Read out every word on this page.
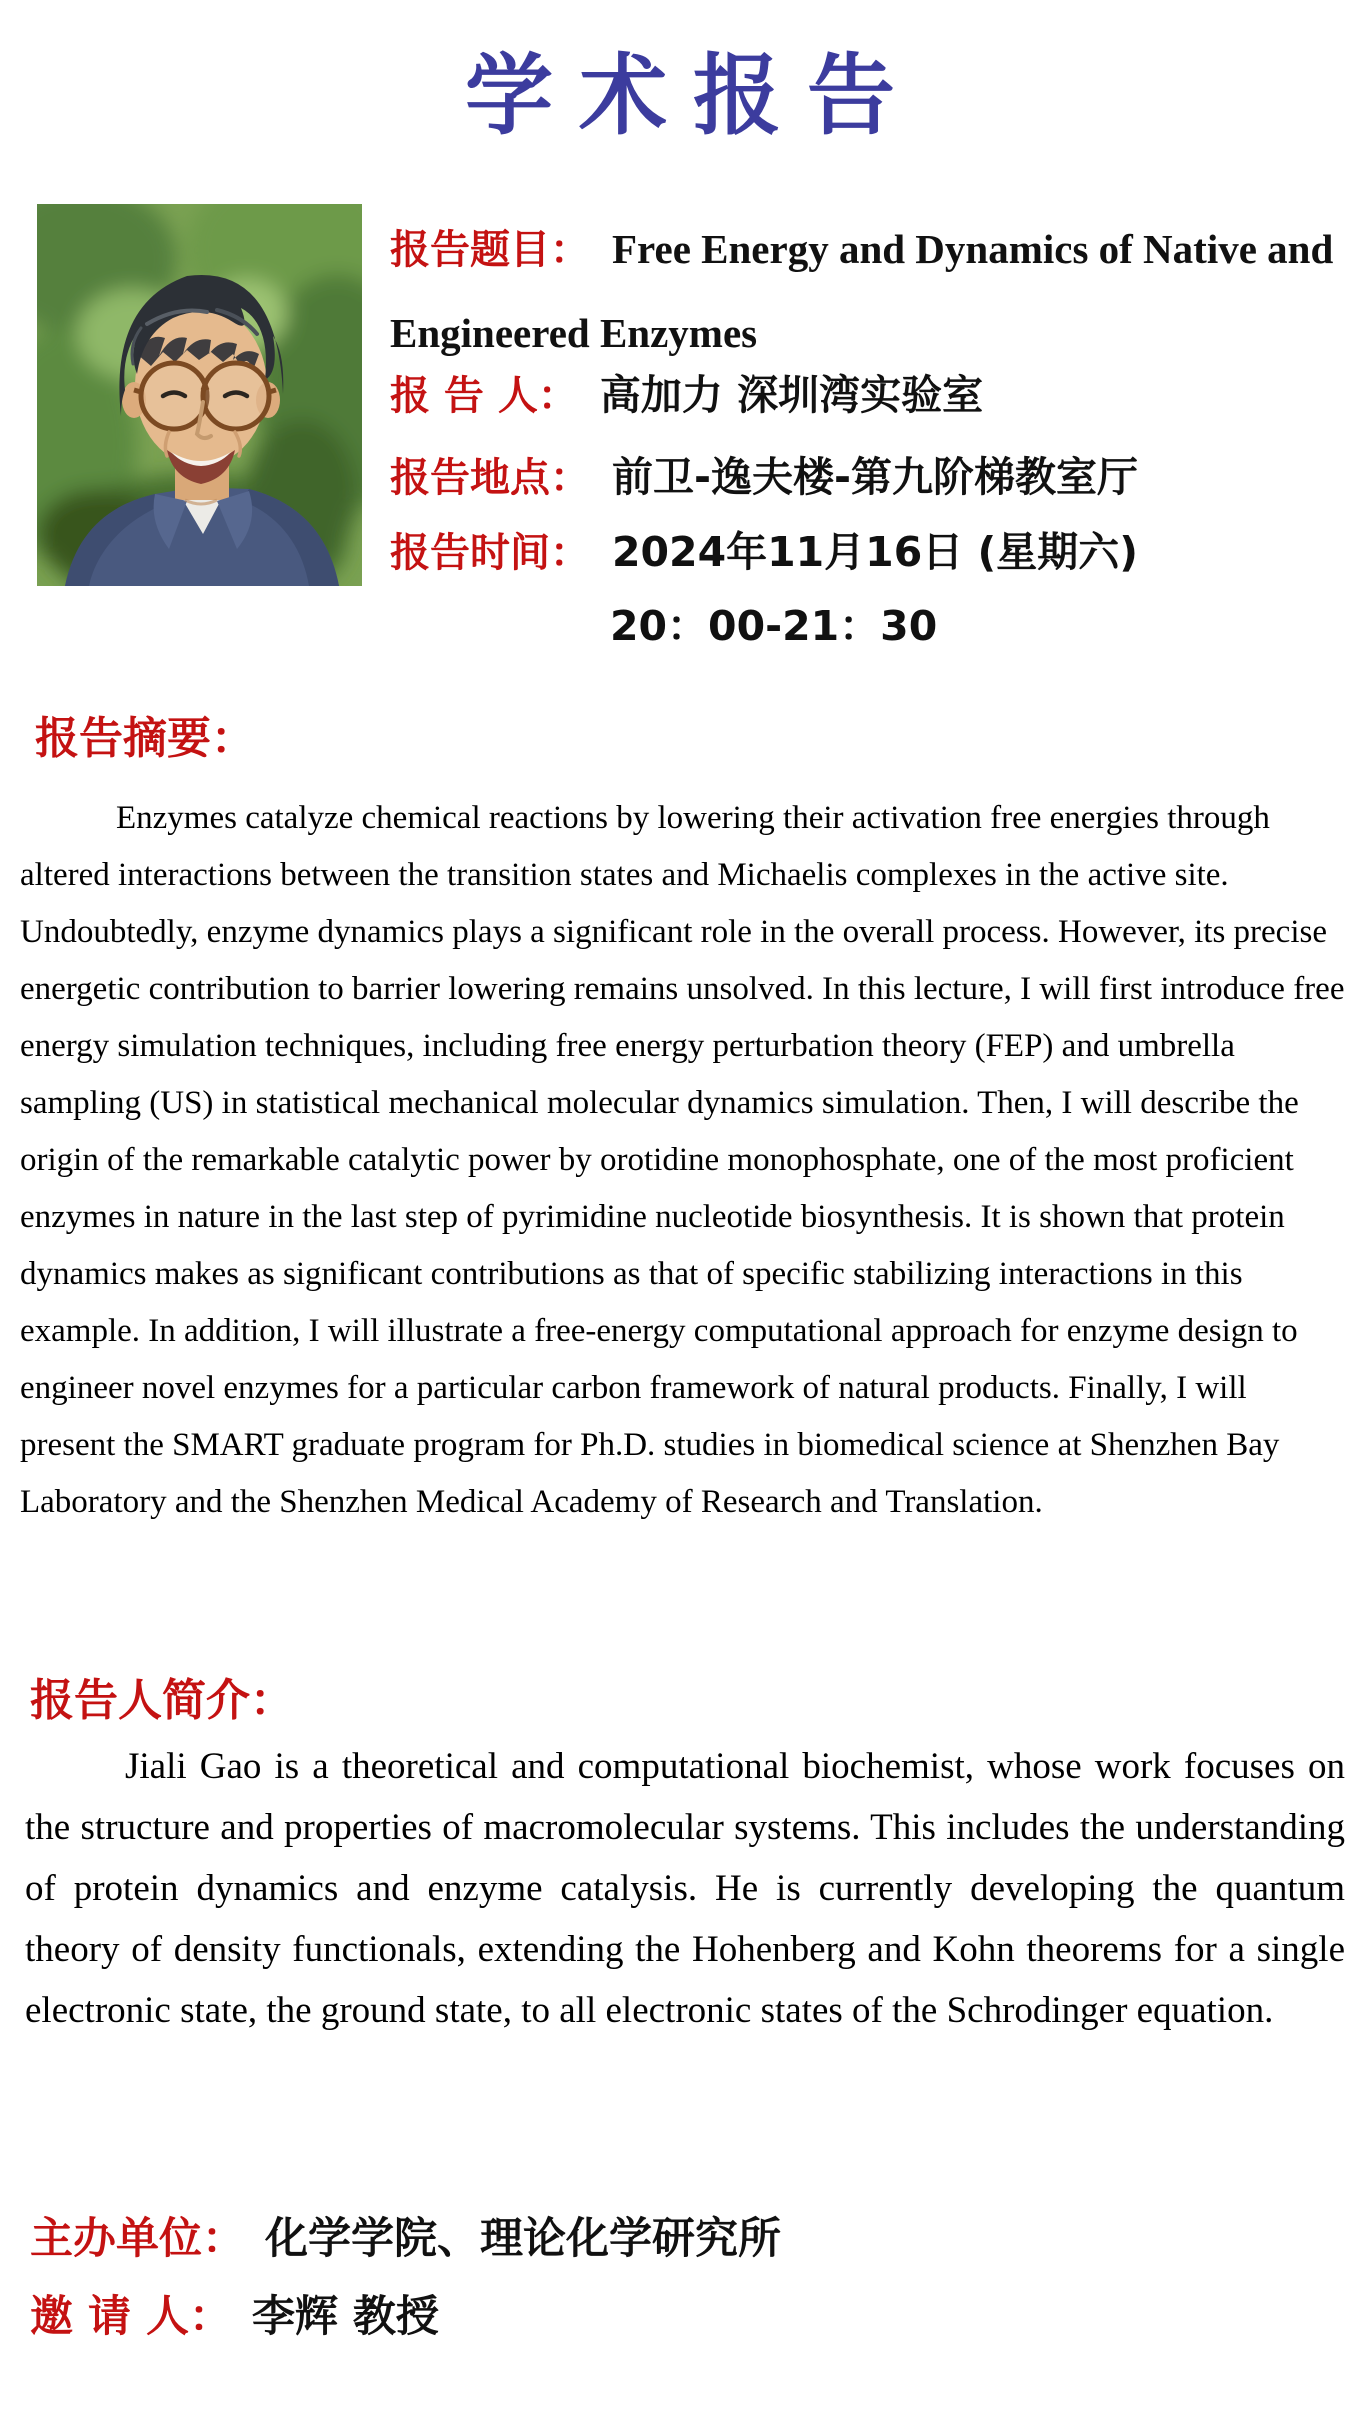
学术报告
报告题目： Free Energy and Dynamics of Native and Engineered Enzymes
报 告 人： 高加力 深圳湾实验室
报告地点： 前卫-逸夫楼-第九阶梯教室厅
报告时间： 2024年11月16日 (星期六)
20：00-21：30
报告摘要：
Enzymes catalyze chemical reactions by lowering their activation free energies through altered interactions between the transition states and Michaelis complexes in the active site. Undoubtedly, enzyme dynamics plays a significant role in the overall process. However, its precise energetic contribution to barrier lowering remains unsolved. In this lecture, I will first introduce free energy simulation techniques, including free energy perturbation theory (FEP) and umbrella sampling (US) in statistical mechanical molecular dynamics simulation. Then, I will describe the origin of the remarkable catalytic power by orotidine monophosphate, one of the most proficient enzymes in nature in the last step of pyrimidine nucleotide biosynthesis. It is shown that protein dynamics makes as significant contributions as that of specific stabilizing interactions in this example. In addition, I will illustrate a free-energy computational approach for enzyme design to engineer novel enzymes for a particular carbon framework of natural products. Finally, I will present the SMART graduate program for Ph.D. studies in biomedical science at Shenzhen Bay Laboratory and the Shenzhen Medical Academy of Research and Translation.
报告人简介：
Jiali Gao is a theoretical and computational biochemist, whose work focuses on the structure and properties of macromolecular systems. This includes the understanding of protein dynamics and enzyme catalysis. He is currently developing the quantum theory of density functionals, extending the Hohenberg and Kohn theorems for a single electronic state, the ground state, to all electronic states of the Schrodinger equation.
主办单位： 化学学院、理论化学研究所
邀 请 人： 李辉 教授
